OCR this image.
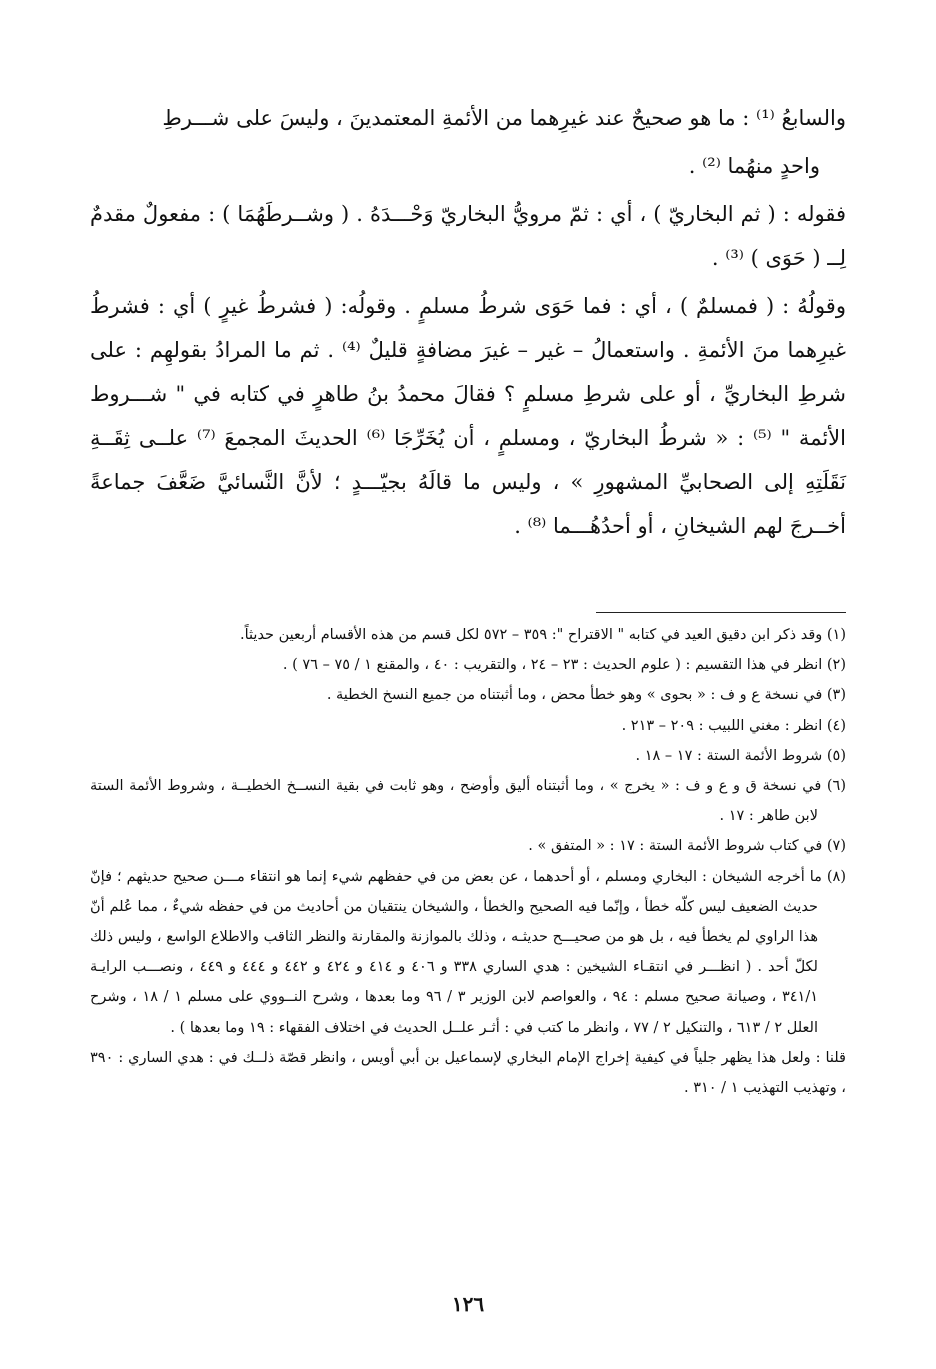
والسابعُ ⁽¹⁾ : ما هو صحيحٌ عند غيرِهما من الأئمةِ المعتمدينَ ، وليسَ على شـــرطِ

واحدٍ منهُما ⁽²⁾ .

فقوله : ( ثم البخاريّ ) ، أي : ثمّ مرويُّ البخاريّ وَحْـــدَهُ . ( وشــرطَهُمَا ) : مفعولٌ مقدمٌ لِــ ( حَوَى ) ⁽³⁾ .

وقولُهُ : ( فمسلمٌ ) ، أي : فما حَوَى شرطُ مسلمٍ . وقولُه: ( فشرطُ غيرٍ ) أي : فشرطُ غيرِهما منَ الأئمةِ . واستعمالُ – غير – غيرَ مضافةٍ قليلٌ ⁽⁴⁾ . ثم ما المرادُ بقولهِم : على شرطِ البخاريِّ ، أو على شرطِ مسلمٍ ؟ فقالَ محمدُ بنُ طاهرٍ في كتابه في " شـــروط الأئمة " ⁽⁵⁾ : « شرطُ البخاريّ ، ومسلمٍ ، أن يُخَرِّجَا ⁽⁶⁾ الحديثَ المجمعَ ⁽⁷⁾ علــى ثِقَــةِ نَقَلَتِهِ إلى الصحابيِّ المشهورِ » ، وليس ما قالَهُ بجيّـــدٍ ؛ لأنَّ النَّسائيَّ ضَعَّفَ جماعةً أخــرجَ لهم الشيخانِ ، أو أحدُهُـــما ⁽⁸⁾ .

(١) وقد ذكر ابن دقيق العيد في كتابه " الاقتراح ": ٣٥٩ – ٥٧٢ لكل قسم من هذه الأقسام أربعين حديثاً.

(٢) انظر في هذا التقسيم : ( علوم الحديث : ٢٣ – ٢٤ ، والتقريب : ٤٠ ، والمقنع ١ / ٧٥ – ٧٦ ) .

(٣) في نسخة ع و ف : « بحوى » وهو خطأ محض ، وما أثبتناه من جميع النسخ الخطية .

(٤) انظر : مغني اللبيب : ٢٠٩ – ٢١٣ .

(٥) شروط الأئمة الستة : ١٧ – ١٨ .

(٦) في نسخة ق و ع و ف : « يخرج » ، وما أثبتناه أليق وأوضح ، وهو ثابت في بقية النســخ الخطيــة ، وشروط الأئمة الستة لابن طاهر : ١٧ .

(٧) في كتاب شروط الأئمة الستة : ١٧ : « المتفق » .

(٨) ما أخرجه الشيخان : البخاري ومسلم ، أو أحدهما ، عن بعض من في حفظهم شيء إنما هو انتقاء مـــن صحيح حديثهم ؛ فإنّ حديث الضعيف ليس كلّه خطأ ، وإنّما فيه الصحيح والخطأ ، والشيخان ينتقيان من أحاديث من في حفظه شيءٌ ، مما عُلم أنّ هذا الراوي لم يخطأ فيه ، بل هو من صحيـــح حديثـه ، وذلك بالموازنة والمقارنة والنظر الثاقب والاطلاع الواسع ، وليس ذلك لكلّ أحد . ( انظـــر في انتقـاء الشيخين : هدي الساري ٣٣٨ و ٤٠٦ و ٤١٤ و ٤٢٤ و ٤٤٢ و ٤٤٤ و ٤٤٩ ، ونصـــب الرايـة ٣٤١/١ ، وصيانة صحيح مسلم : ٩٤ ، والعواصم لابن الوزير ٣ / ٩٦ وما بعدها ، وشرح النــووي على مسلم ١ / ١٨ ، وشرح العلل ٢ / ٦١٣ ، والتنكيل ٢ / ٧٧ ، وانظر ما كتب في : أثـر علــل الحديث في اختلاف الفقهاء : ١٩ وما بعدها ) .

قلنا : ولعل هذا يظهر جلياً في كيفية إخراج الإمام البخاري لإسماعيل بن أبي أويس ، وانظر قصّة ذلــك في : هدي الساري : ٣٩٠ ، وتهذيب التهذيب ١ / ٣١٠ .

١٢٦
